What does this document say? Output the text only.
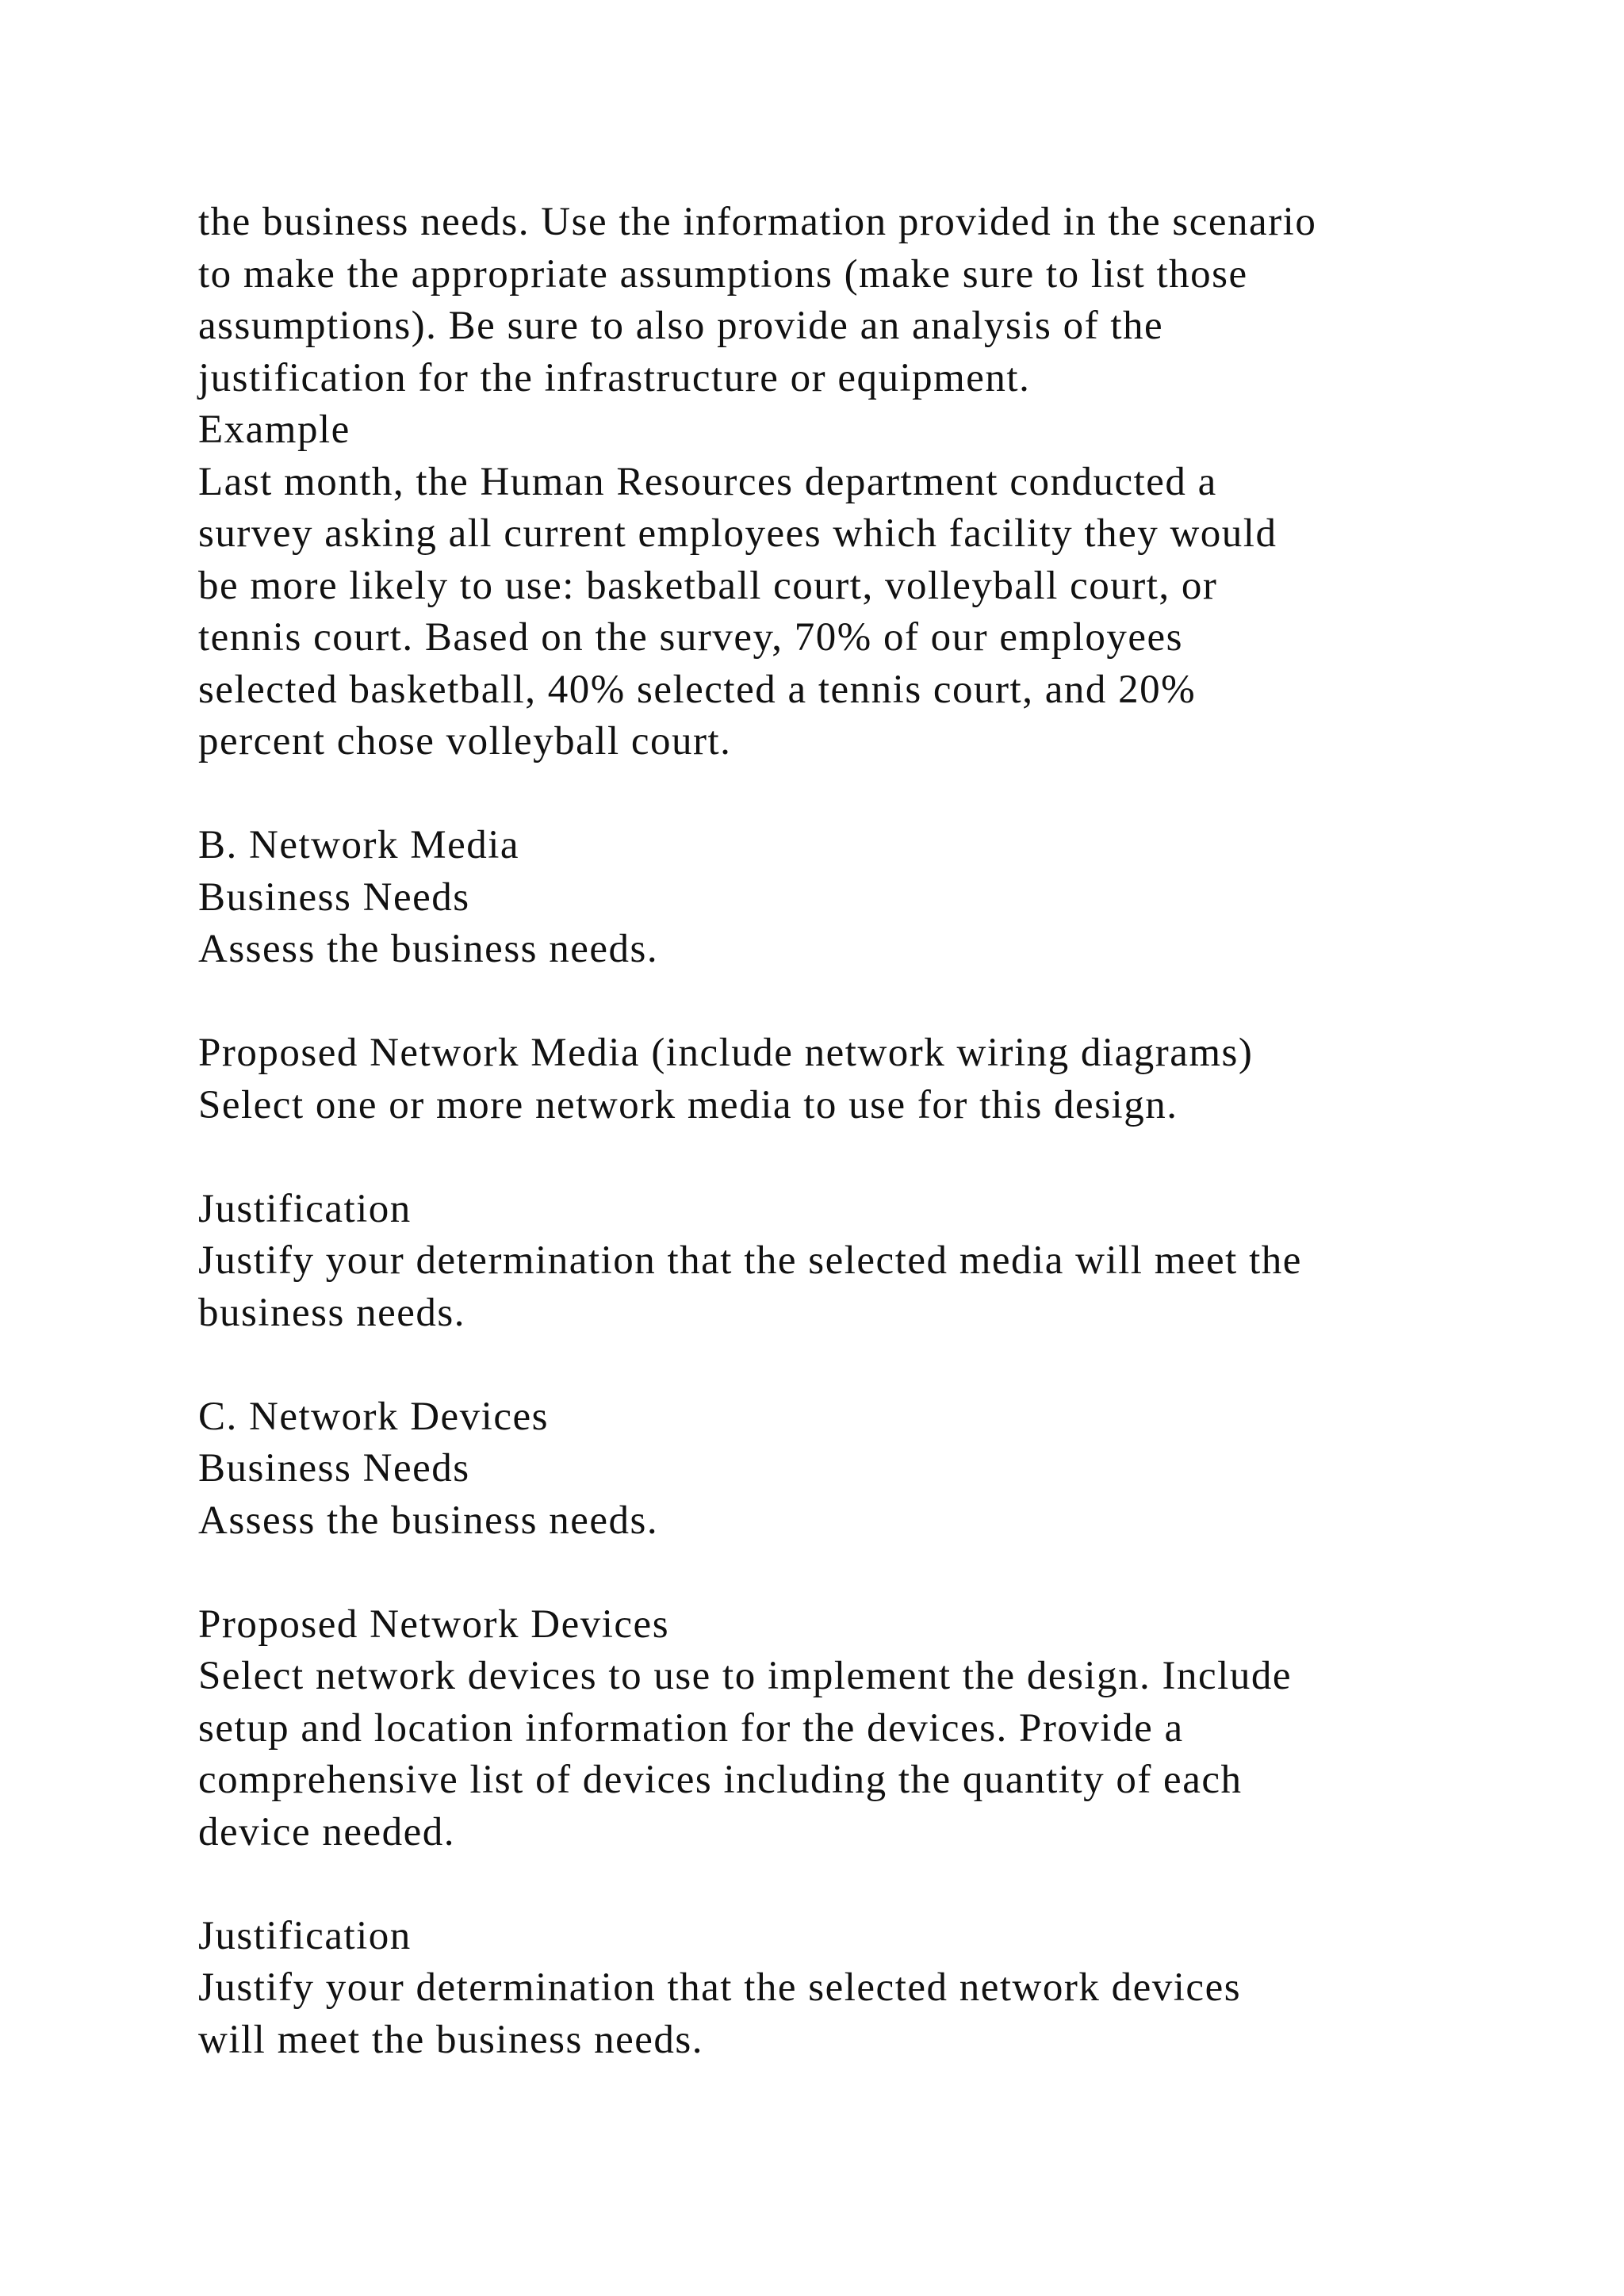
the business needs. Use the information provided in the scenario
to make the appropriate assumptions (make sure to list those
assumptions). Be sure to also provide an analysis of the
justification for the infrastructure or equipment.
Example
Last month, the Human Resources department conducted a
survey asking all current employees which facility they would
be more likely to use: basketball court, volleyball court, or
tennis court. Based on the survey, 70% of our employees
selected basketball, 40% selected a tennis court, and 20%
percent chose volleyball court.
B. Network Media
Business Needs
Assess the business needs.
Proposed Network Media (include network wiring diagrams)
Select one or more network media to use for this design.
Justification
Justify your determination that the selected media will meet the
business needs.
C. Network Devices
Business Needs
Assess the business needs.
Proposed Network Devices
Select network devices to use to implement the design. Include
setup and location information for the devices. Provide a
comprehensive list of devices including the quantity of each
device needed.
Justification
Justify your determination that the selected network devices
will meet the business needs.
